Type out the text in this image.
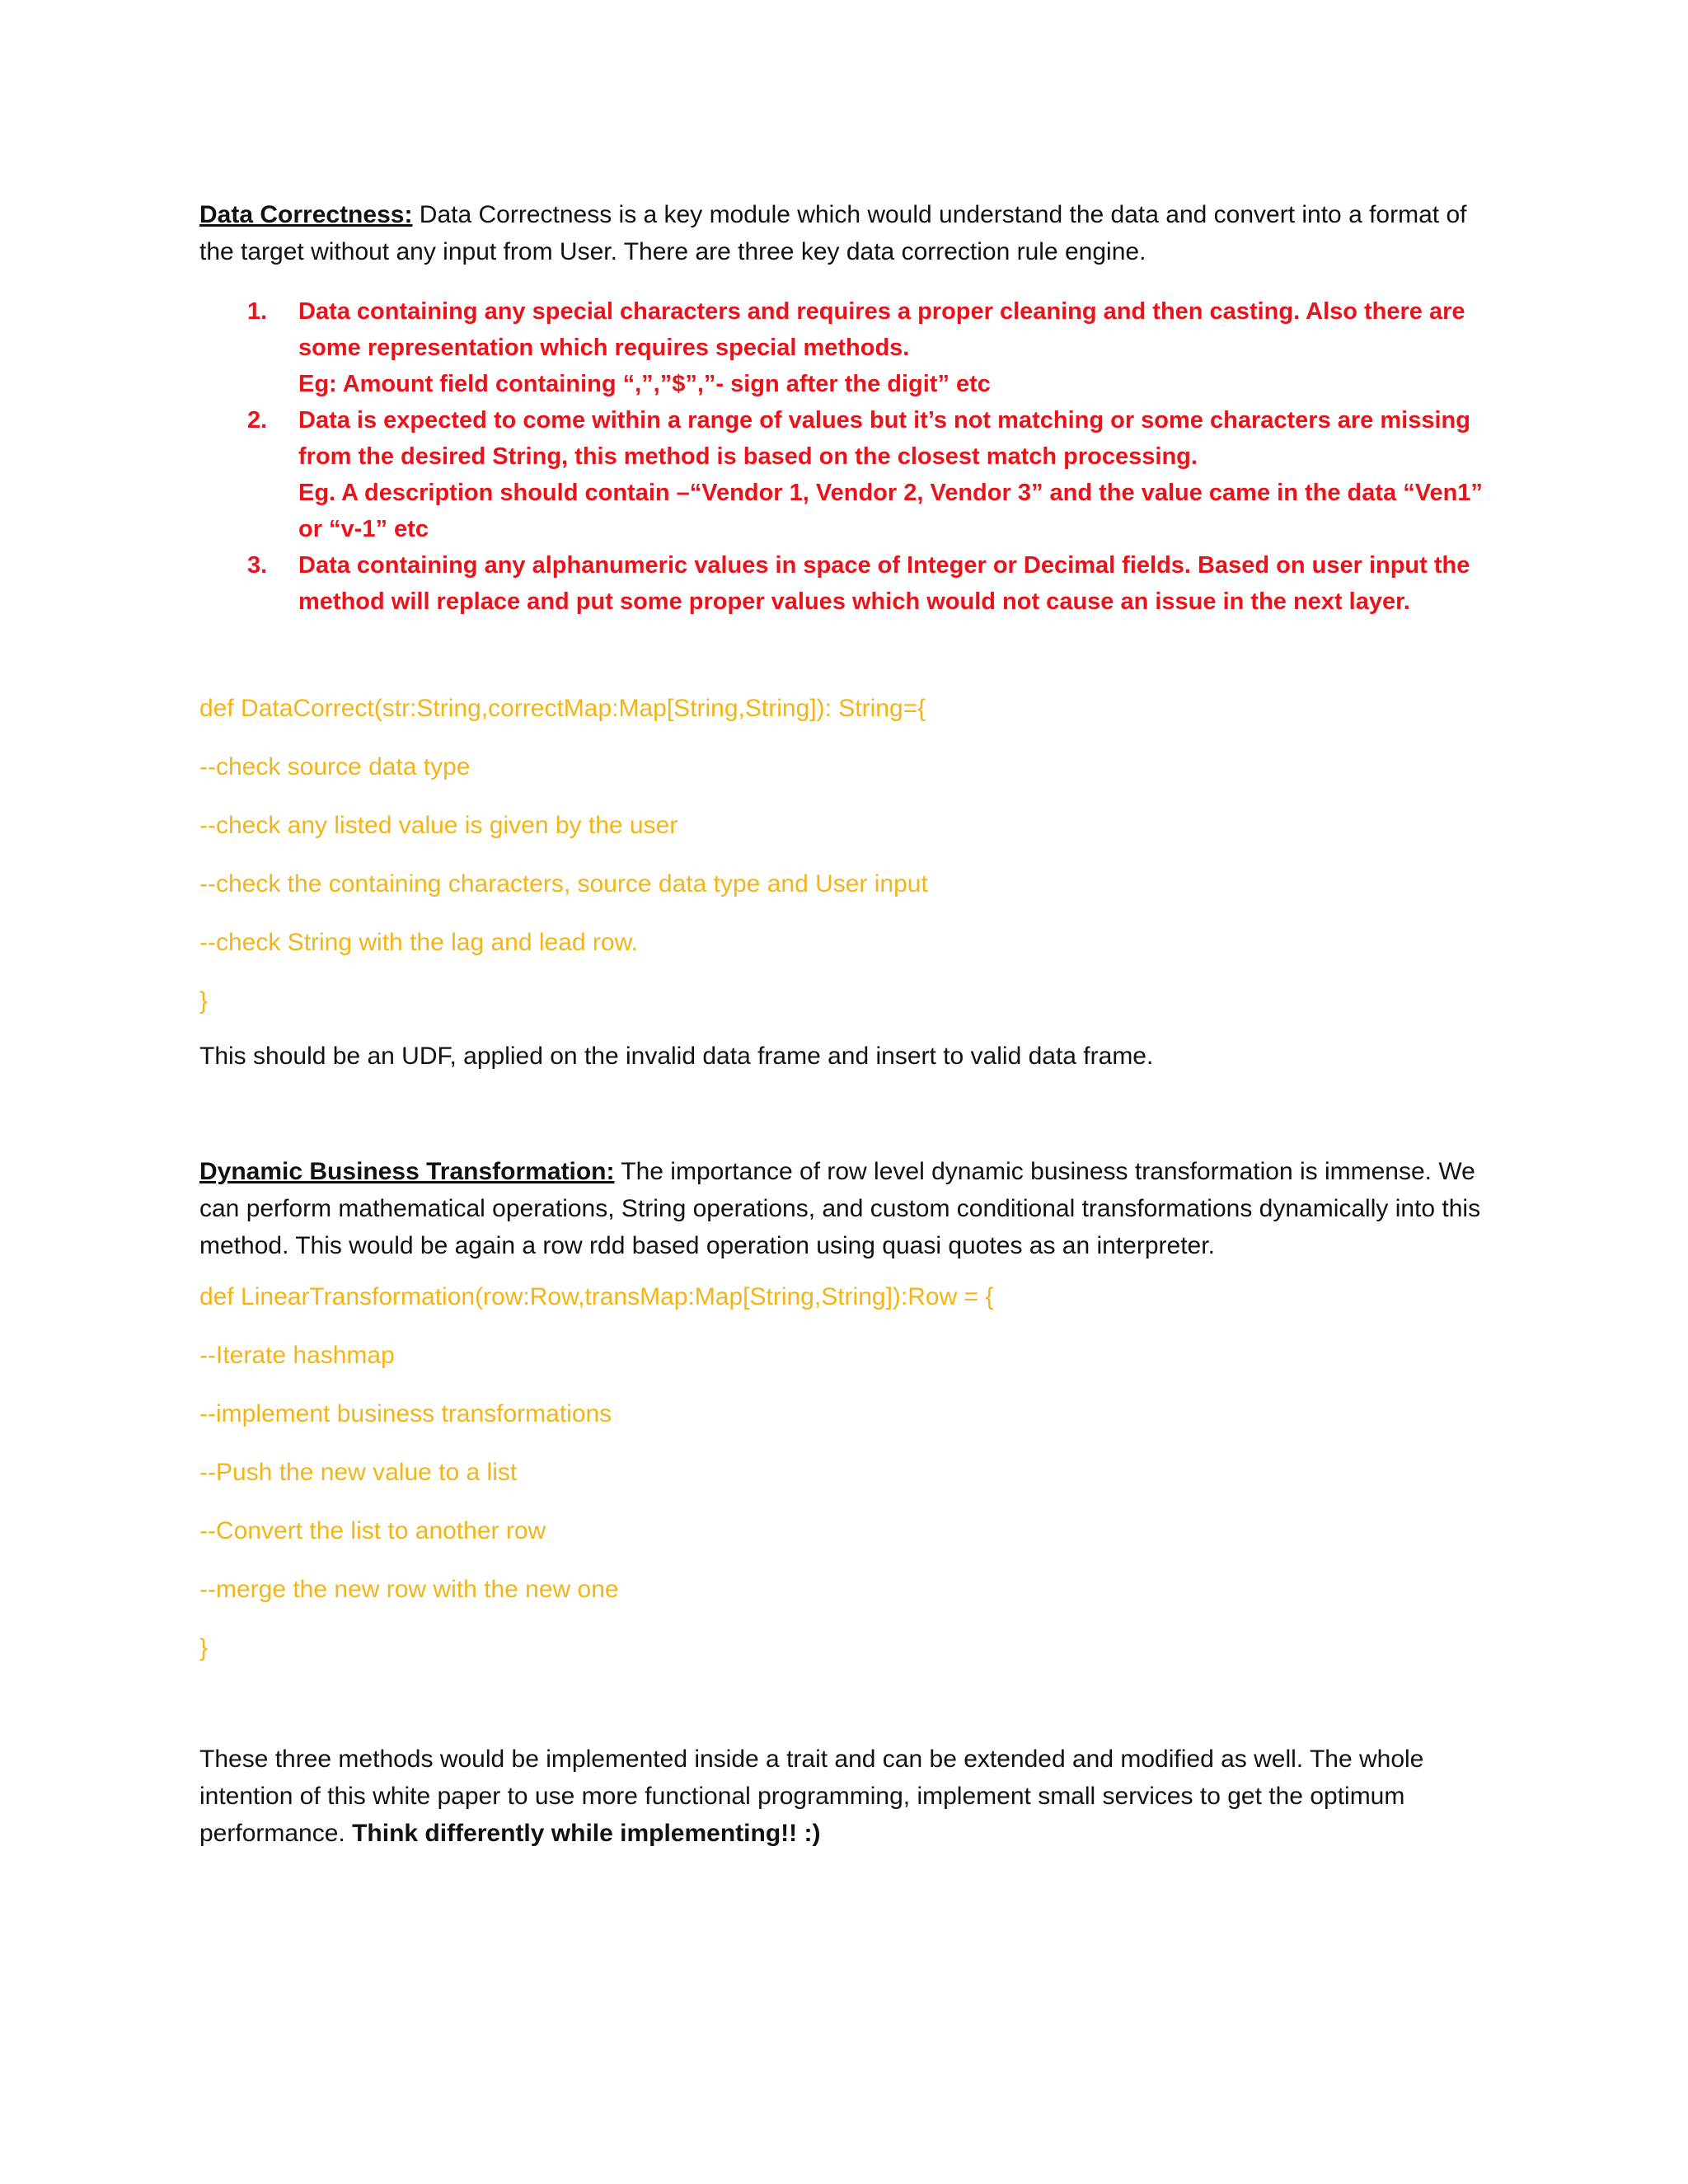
Data Correctness: Data Correctness is a key module which would understand the data and convert into a format of the target without any input from User. There are three key data correction rule engine.

1. Data containing any special characters and requires a proper cleaning and then casting. Also there are some representation which requires special methods.
Eg: Amount field containing “,”,”$”,”- sign after the digit” etc
2. Data is expected to come within a range of values but it’s not matching or some characters are missing from the desired String, this method is based on the closest match processing.
Eg. A description should contain –“Vendor 1, Vendor 2, Vendor 3” and the value came in the data “Ven1” or “v-1” etc
3. Data containing any alphanumeric values in space of Integer or Decimal fields. Based on user input the method will replace and put some proper values which would not cause an issue in the next layer.

def DataCorrect(str:String,correctMap:Map[String,String]): String={

--check source data type

--check any listed value is given by the user

--check the containing characters, source data type and User input

--check String with the lag and lead row.

}

This should be an UDF, applied on the invalid data frame and insert to valid data frame.

Dynamic Business Transformation: The importance of row level dynamic business transformation is immense. We can perform mathematical operations, String operations, and custom conditional transformations dynamically into this method. This would be again a row rdd based operation using quasi quotes as an interpreter.

def LinearTransformation(row:Row,transMap:Map[String,String]):Row = {

--Iterate hashmap

--implement business transformations

--Push the new value to a list

--Convert the list to another row

--merge the new row with the new one

}

These three methods would be implemented inside a trait and can be extended and modified as well. The whole intention of this white paper to use more functional programming, implement small services to get the optimum performance. Think differently while implementing!! :)
